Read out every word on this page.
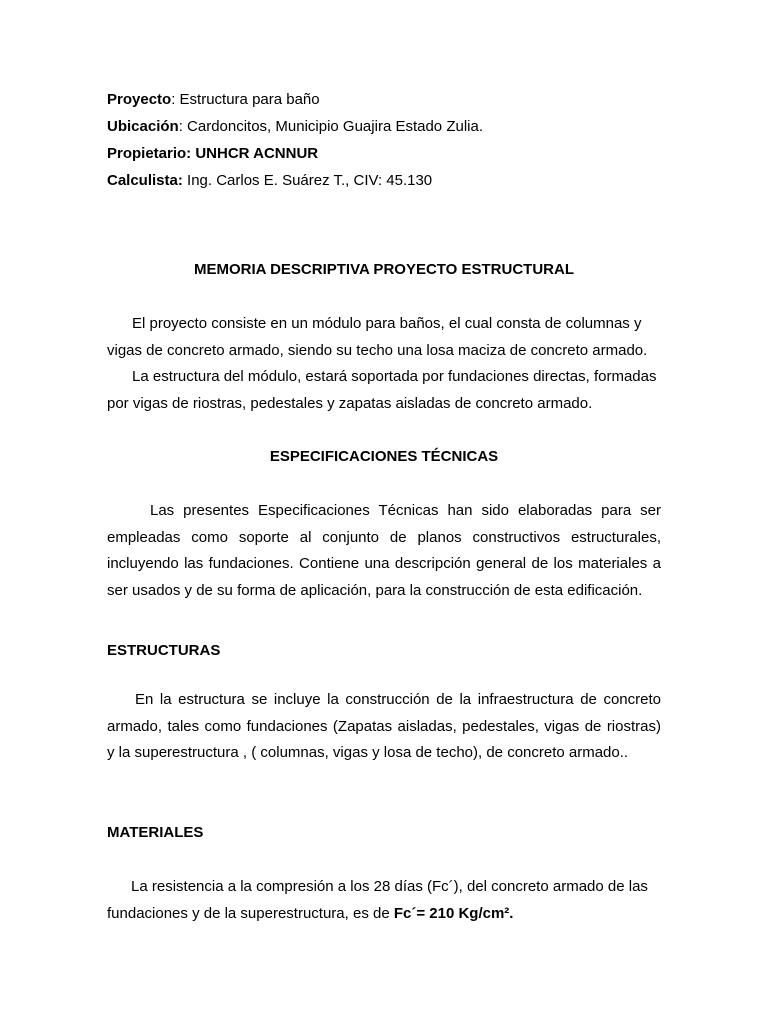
Proyecto: Estructura para baño
Ubicación: Cardoncitos, Municipio Guajira Estado Zulia.
Propietario: UNHCR ACNNUR
Calculista: Ing. Carlos E. Suárez T., CIV: 45.130
MEMORIA DESCRIPTIVA PROYECTO ESTRUCTURAL

El proyecto consiste en un módulo para baños, el cual consta de columnas y vigas de concreto armado, siendo su techo una losa maciza de concreto armado.

La estructura del módulo, estará soportada por fundaciones directas, formadas por vigas de riostras, pedestales y zapatas aisladas de concreto armado.

ESPECIFICACIONES TÉCNICAS

Las presentes Especificaciones Técnicas han sido elaboradas para ser empleadas como soporte al conjunto de planos constructivos estructurales, incluyendo las fundaciones. Contiene una descripción general de los materiales a ser usados y de su forma de aplicación, para la construcción de esta edificación.

ESTRUCTURAS

En la estructura se incluye la construcción de la infraestructura de concreto armado, tales como fundaciones (Zapatas aisladas, pedestales, vigas de riostras) y la superestructura , ( columnas, vigas y losa de techo), de concreto armado..

MATERIALES

La resistencia a la compresión a los 28 días (Fc´), del concreto armado de las fundaciones y de la superestructura, es de Fc´= 210 Kg/cm².
